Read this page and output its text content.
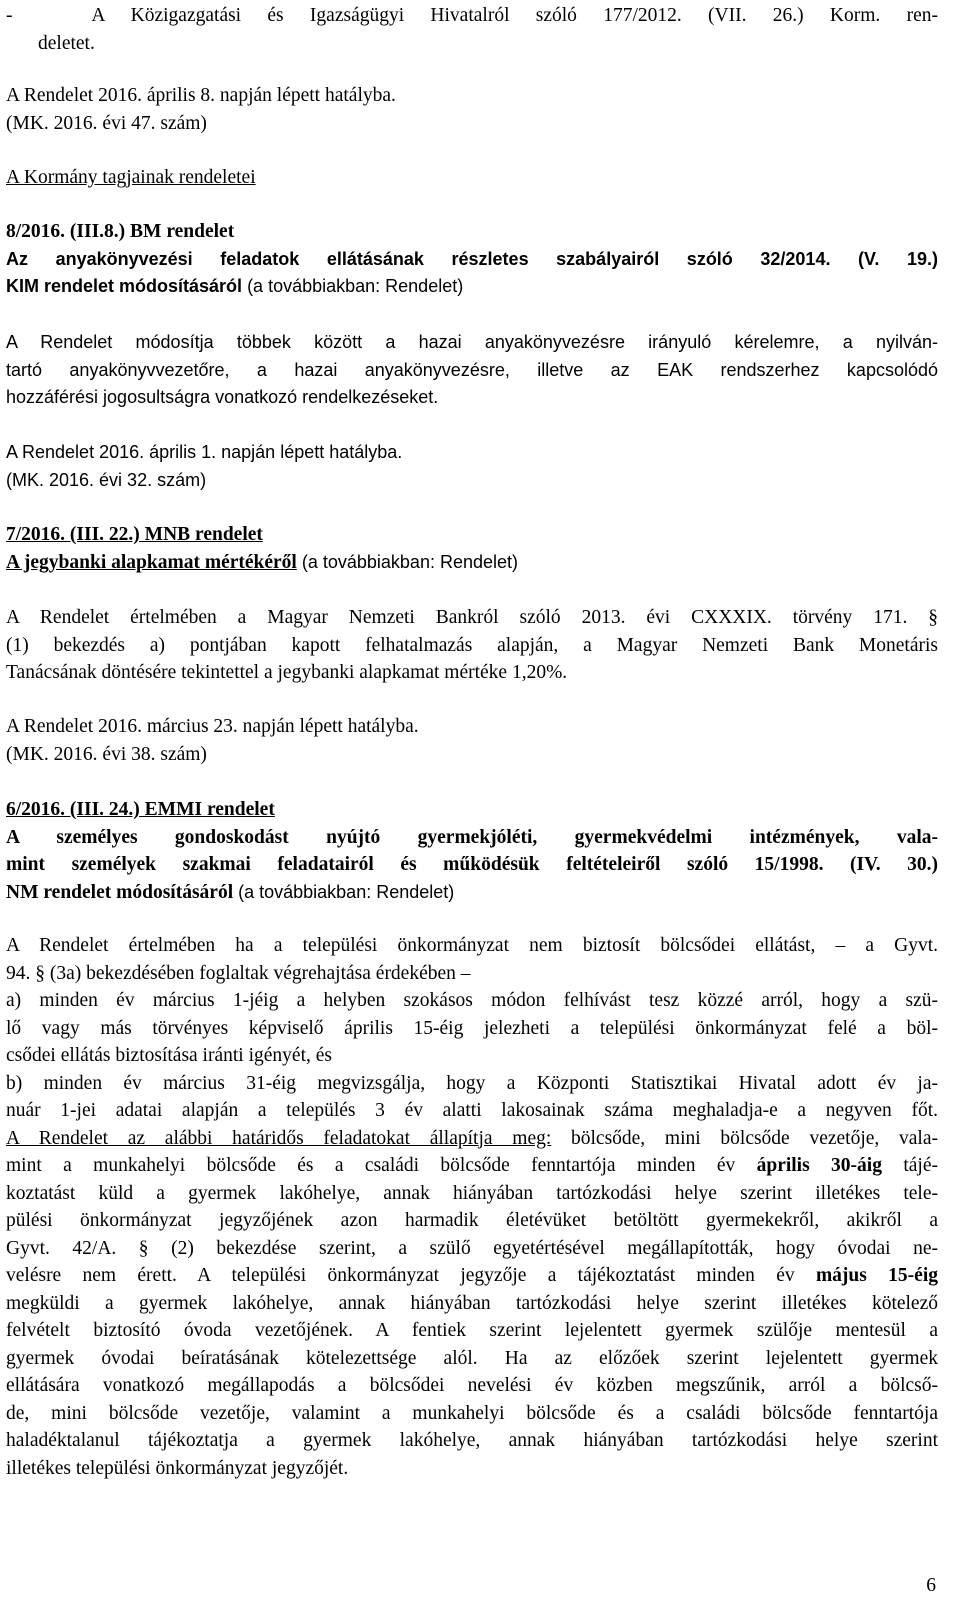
-   A Közigazgatási és Igazságügyi Hivatalról szóló 177/2012. (VII. 26.) Korm. ren-
deletet.
A Rendelet 2016. április 8. napján lépett hatályba.
(MK. 2016. évi 47. szám)
A Kormány tagjainak rendeletei
8/2016. (III.8.) BM rendelet
Az anyakönyvezési feladatok ellátásának részletes szabályairól szóló 32/2014. (V. 19.)
KIM rendelet módosításáról (a továbbiakban: Rendelet)
A Rendelet módosítja többek között a hazai anyakönyvezésre irányuló kérelemre, a nyilván-
tartó anyakönyvvezetőre, a hazai anyakönyvezésre, illetve az EAK rendszerhez kapcsolódó
hozzáférési jogosultságra vonatkozó rendelkezéseket.
A Rendelet 2016. április 1. napján lépett hatályba.
(MK. 2016. évi 32. szám)
7/2016. (III. 22.) MNB rendelet
A jegybanki alapkamat mértékéről (a továbbiakban: Rendelet)
A Rendelet értelmében a Magyar Nemzeti Bankról szóló 2013. évi CXXXIX. törvény 171. §
(1) bekezdés a) pontjában kapott felhatalmazás alapján, a Magyar Nemzeti Bank Monetáris
Tanácsának döntésére tekintettel a jegybanki alapkamat mértéke 1,20%.
A Rendelet 2016. március 23. napján lépett hatályba.
(MK. 2016. évi 38. szám)
6/2016. (III. 24.) EMMI rendelet
A személyes gondoskodást nyújtó gyermekjóléti, gyermekvédelmi intézmények, vala-
mint személyek szakmai feladatairól és működésük feltételeiről szóló 15/1998. (IV. 30.)
NM rendelet módosításáról (a továbbiakban: Rendelet)
A Rendelet értelmében ha a települési önkormányzat nem biztosít bölcsődei ellátást, – a Gyvt.
94. § (3a) bekezdésében foglaltak végrehajtása érdekében –
a) minden év március 1-jéig a helyben szokásos módon felhívást tesz közzé arról, hogy a szü-
lő vagy más törvényes képviselő április 15-éig jelezheti a települési önkormányzat felé a böl-
csődei ellátás biztosítása iránti igényét, és
b) minden év március 31-éig megvizsgálja, hogy a Központi Statisztikai Hivatal adott év ja-
nuár 1-jei adatai alapján a település 3 év alatti lakosainak száma meghaladja-e a negyven főt.
A Rendelet az alábbi határidős feladatokat állapítja meg: bölcsőde, mini bölcsőde vezetője, vala-
mint a munkahelyi bölcsőde és a családi bölcsőde fenntartója minden év április 30-áig tájé-
koztatást küld a gyermek lakóhelye, annak hiányában tartózkodási helye szerint illetékes tele-
pülési önkormányzat jegyzőjének azon harmadik életévüket betöltött gyermekekről, akikről a
Gyvt. 42/A. § (2) bekezdése szerint, a szülő egyetértésével megállapították, hogy óvodai ne-
velésre nem érett. A települési önkormányzat jegyzője a tájékoztatást minden év május 15-éig
megküldi a gyermek lakóhelye, annak hiányában tartózkodási helye szerint illetékes kötelező
felvételt biztosító óvoda vezetőjének. A fentiek szerint lejelentett gyermek szülője mentesül a
gyermek óvodai beíratásának kötelezettsége alól. Ha az előzőek szerint lejelentett gyermek
ellátására vonatkozó megállapodás a bölcsődei nevelési év közben megszűnik, arról a bölcső-
de, mini bölcsőde vezetője, valamint a munkahelyi bölcsőde és a családi bölcsőde fenntartója
haladéktalanul tájékoztatja a gyermek lakóhelye, annak hiányában tartózkodási helye szerint
illetékes települési önkormányzat jegyzőjét.
6
